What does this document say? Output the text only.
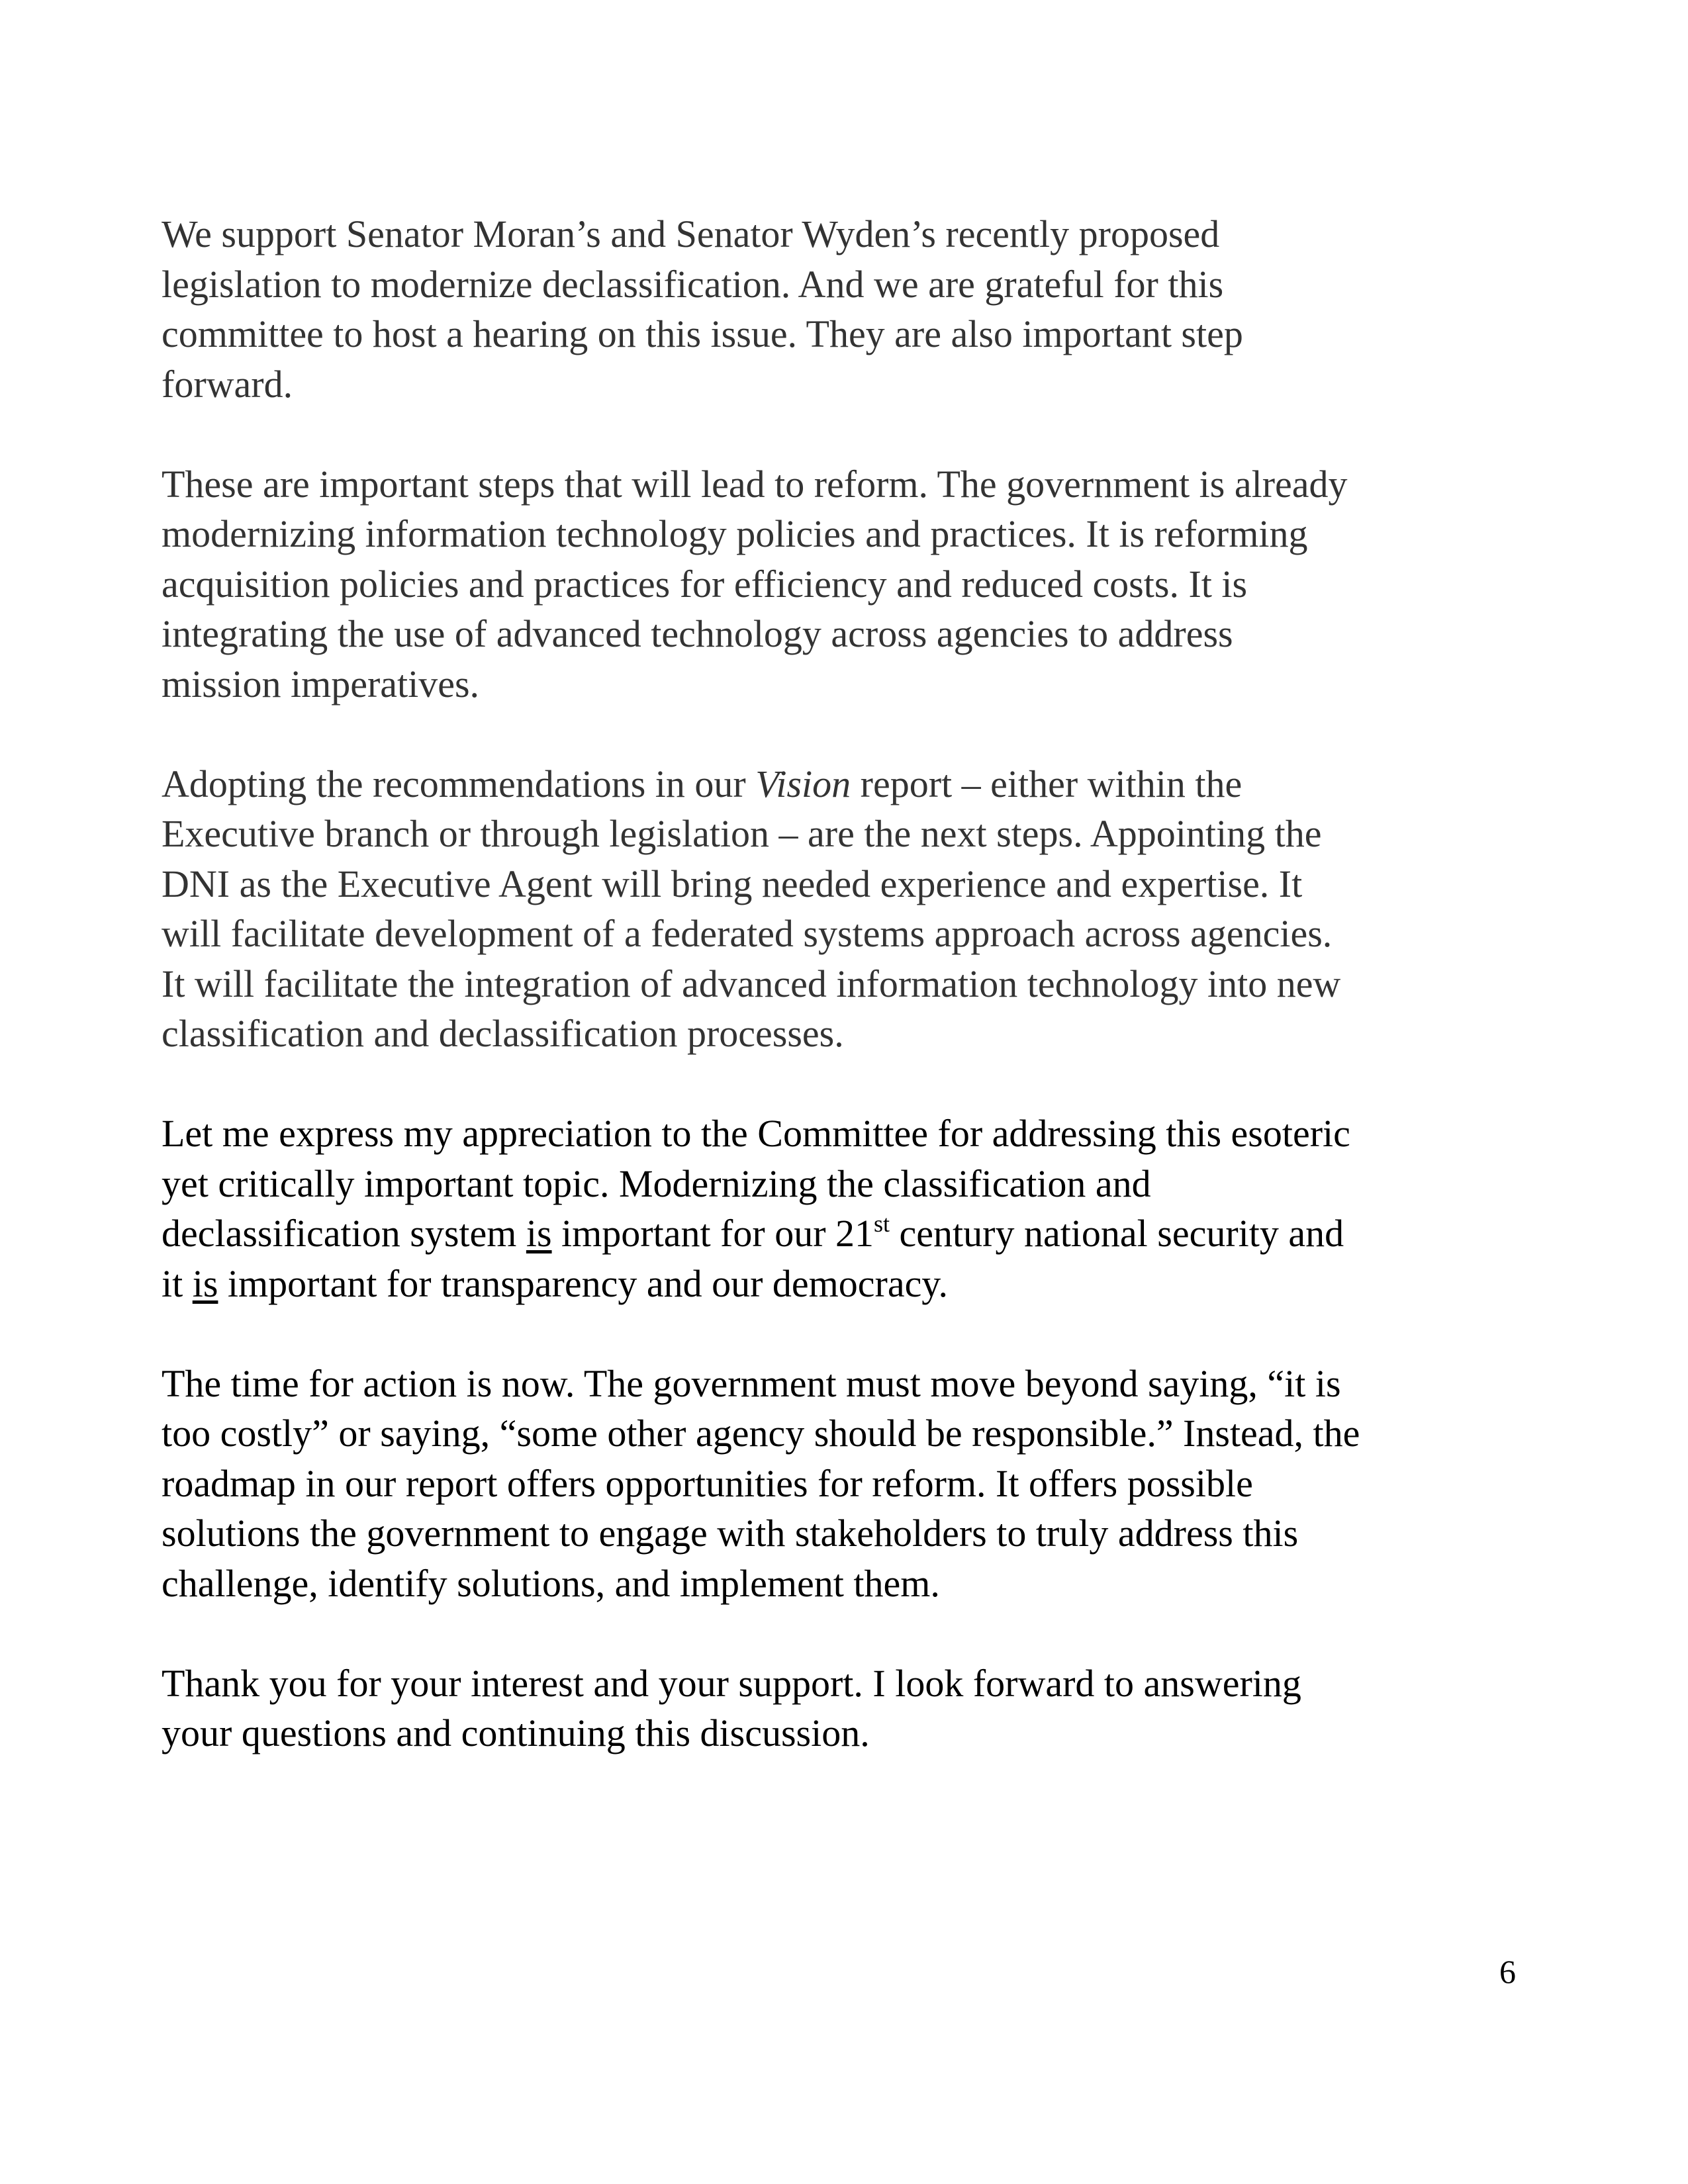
We support Senator Moran’s and Senator Wyden’s recently proposed
legislation to modernize declassification. And we are grateful for this
committee to host a hearing on this issue. They are also important step
forward.

These are important steps that will lead to reform. The government is already
modernizing information technology policies and practices. It is reforming
acquisition policies and practices for efficiency and reduced costs. It is
integrating the use of advanced technology across agencies to address
mission imperatives.

Adopting the recommendations in our Vision report – either within the
Executive branch or through legislation – are the next steps. Appointing the
DNI as the Executive Agent will bring needed experience and expertise. It
will facilitate development of a federated systems approach across agencies.
It will facilitate the integration of advanced information technology into new
classification and declassification processes.

Let me express my appreciation to the Committee for addressing this esoteric
yet critically important topic. Modernizing the classification and
declassification system is important for our 21st century national security and
it is important for transparency and our democracy.

The time for action is now. The government must move beyond saying, “it is
too costly” or saying, “some other agency should be responsible.” Instead, the
roadmap in our report offers opportunities for reform. It offers possible
solutions the government to engage with stakeholders to truly address this
challenge, identify solutions, and implement them.

Thank you for your interest and your support. I look forward to answering
your questions and continuing this discussion.

6
